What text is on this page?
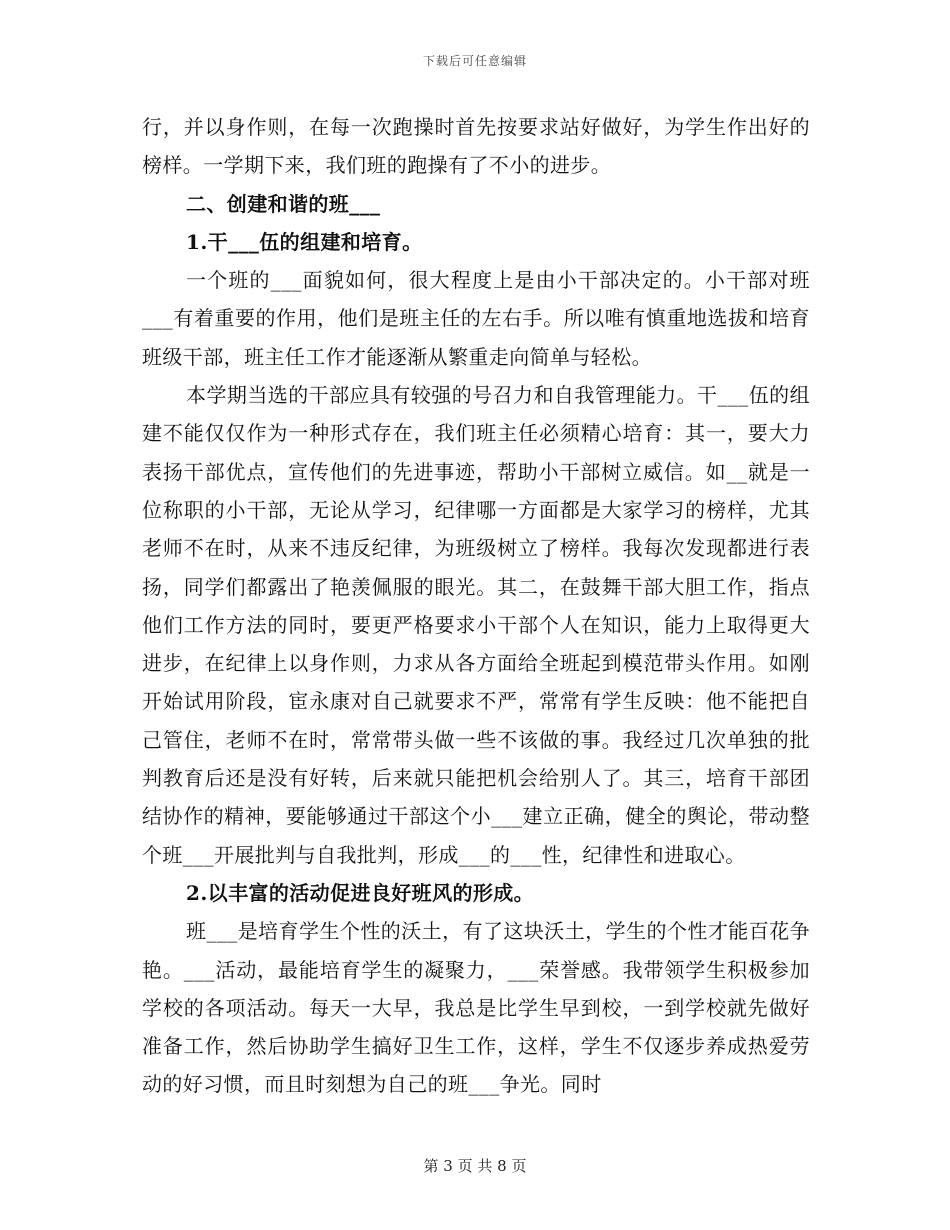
下载后可任意编辑

行，并以身作则，在每一次跑操时首先按要求站好做好，为学生作出好的榜样。一学期下来，我们班的跑操有了不小的进步。

二、创建和谐的班___

1.干___伍的组建和培育。

一个班的___面貌如何，很大程度上是由小干部决定的。小干部对班___有着重要的作用，他们是班主任的左右手。所以唯有慎重地选拔和培育班级干部，班主任工作才能逐渐从繁重走向简单与轻松。

本学期当选的干部应具有较强的号召力和自我管理能力。干___伍的组建不能仅仅作为一种形式存在，我们班主任必须精心培育：其一，要大力表扬干部优点，宣传他们的先进事迹，帮助小干部树立威信。如__就是一位称职的小干部，无论从学习，纪律哪一方面都是大家学习的榜样，尤其老师不在时，从来不违反纪律，为班级树立了榜样。我每次发现都进行表扬，同学们都露出了艳羡佩服的眼光。其二，在鼓舞干部大胆工作，指点他们工作方法的同时，要更严格要求小干部个人在知识，能力上取得更大进步，在纪律上以身作则，力求从各方面给全班起到模范带头作用。如刚开始试用阶段，宦永康对自己就要求不严，常常有学生反映：他不能把自己管住，老师不在时，常常带头做一些不该做的事。我经过几次单独的批判教育后还是没有好转，后来就只能把机会给别人了。其三，培育干部团结协作的精神，要能够通过干部这个小___建立正确，健全的舆论，带动整个班___开展批判与自我批判，形成___的___性，纪律性和进取心。

2.以丰富的活动促进良好班风的形成。

班___是培育学生个性的沃土，有了这块沃土，学生的个性才能百花争艳。___活动，最能培育学生的凝聚力，___荣誉感。我带领学生积极参加学校的各项活动。每天一大早，我总是比学生早到校，一到学校就先做好准备工作，然后协助学生搞好卫生工作，这样，学生不仅逐步养成热爱劳动的好习惯，而且时刻想为自己的班___争光。同时

第 3 页 共 8 页
